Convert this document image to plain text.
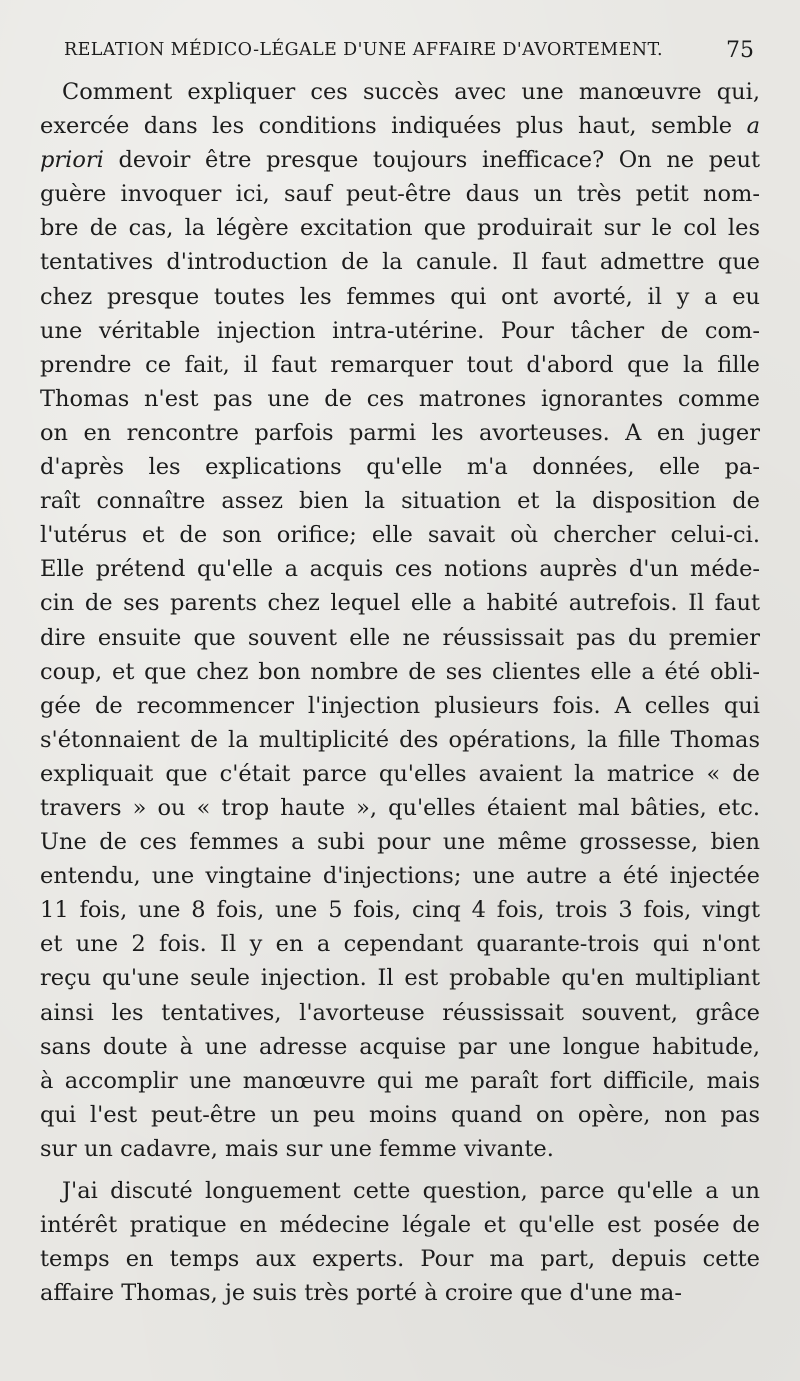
RELATION MÉDICO-LÉGALE D'UNE AFFAIRE D'AVORTEMENT.	75
Comment expliquer ces succès avec une manœuvre qui,
exercée dans les conditions indiquées plus haut, semble a
priori devoir être presque toujours inefficace? On ne peut
guère invoquer ici, sauf peut-être daus un très petit nom-
bre de cas, la légère excitation que produirait sur le col les
tentatives d'introduction de la canule. Il faut admettre que
chez presque toutes les femmes qui ont avorté, il y a eu
une véritable injection intra-utérine. Pour tâcher de com-
prendre ce fait, il faut remarquer tout d'abord que la fille
Thomas n'est pas une de ces matrones ignorantes comme
on en rencontre parfois parmi les avorteuses. A en juger
d'après les explications qu'elle m'a données, elle pa-
raît connaître assez bien la situation et la disposition de
l'utérus et de son orifice; elle savait où chercher celui-ci.
Elle prétend qu'elle a acquis ces notions auprès d'un méde-
cin de ses parents chez lequel elle a habité autrefois. Il faut
dire ensuite que souvent elle ne réussissait pas du premier
coup, et que chez bon nombre de ses clientes elle a été obli-
gée de recommencer l'injection plusieurs fois. A celles qui
s'étonnaient de la multiplicité des opérations, la fille Thomas
expliquait que c'était parce qu'elles avaient la matrice « de
travers » ou « trop haute », qu'elles étaient mal bâties, etc.
Une de ces femmes a subi pour une même grossesse, bien
entendu, une vingtaine d'injections; une autre a été injectée
11 fois, une 8 fois, une 5 fois, cinq 4 fois, trois 3 fois, vingt
et une 2 fois. Il y en a cependant quarante-trois qui n'ont
reçu qu'une seule injection. Il est probable qu'en multipliant
ainsi les tentatives, l'avorteuse réussissait souvent, grâce
sans doute à une adresse acquise par une longue habitude,
à accomplir une manœuvre qui me paraît fort difficile, mais
qui l'est peut-être un peu moins quand on opère, non pas
sur un cadavre, mais sur une femme vivante.
J'ai discuté longuement cette question, parce qu'elle a un
intérêt pratique en médecine légale et qu'elle est posée de
temps en temps aux experts. Pour ma part, depuis cette
affaire Thomas, je suis très porté à croire que d'une ma-
